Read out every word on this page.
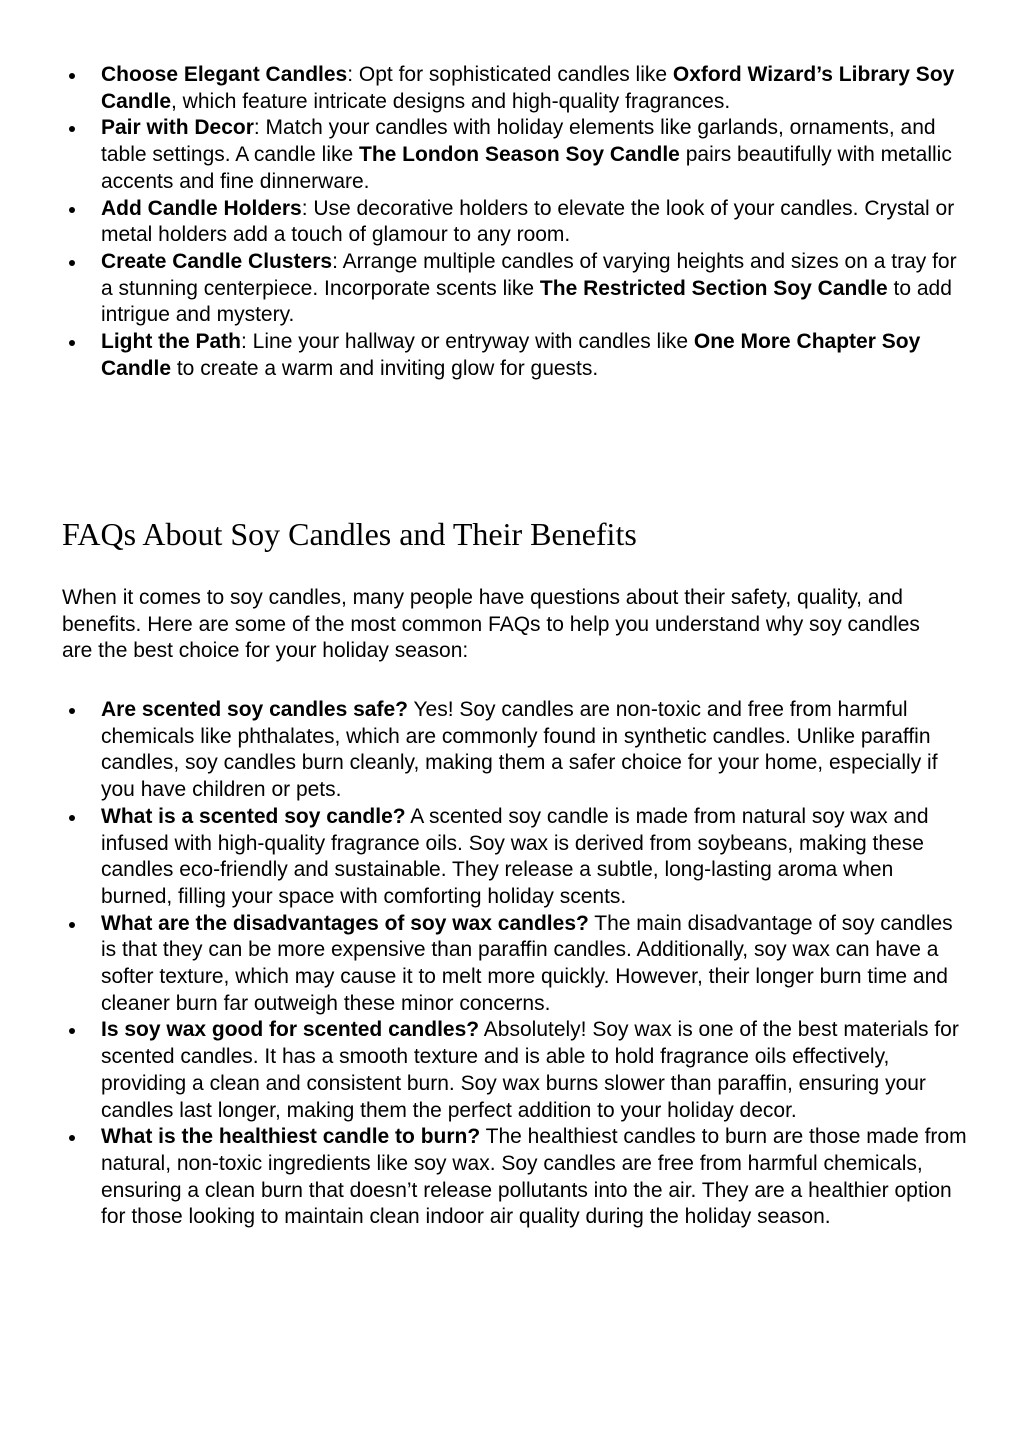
Choose Elegant Candles: Opt for sophisticated candles like Oxford Wizard’s Library Soy Candle, which feature intricate designs and high-quality fragrances.
Pair with Decor: Match your candles with holiday elements like garlands, ornaments, and table settings. A candle like The London Season Soy Candle pairs beautifully with metallic accents and fine dinnerware.
Add Candle Holders: Use decorative holders to elevate the look of your candles. Crystal or metal holders add a touch of glamour to any room.
Create Candle Clusters: Arrange multiple candles of varying heights and sizes on a tray for a stunning centerpiece. Incorporate scents like The Restricted Section Soy Candle to add intrigue and mystery.
Light the Path: Line your hallway or entryway with candles like One More Chapter Soy Candle to create a warm and inviting glow for guests.
FAQs About Soy Candles and Their Benefits

When it comes to soy candles, many people have questions about their safety, quality, and benefits. Here are some of the most common FAQs to help you understand why soy candles are the best choice for your holiday season:

Are scented soy candles safe? Yes! Soy candles are non-toxic and free from harmful chemicals like phthalates, which are commonly found in synthetic candles. Unlike paraffin candles, soy candles burn cleanly, making them a safer choice for your home, especially if you have children or pets.
What is a scented soy candle? A scented soy candle is made from natural soy wax and infused with high-quality fragrance oils. Soy wax is derived from soybeans, making these candles eco-friendly and sustainable. They release a subtle, long-lasting aroma when burned, filling your space with comforting holiday scents.
What are the disadvantages of soy wax candles? The main disadvantage of soy candles is that they can be more expensive than paraffin candles. Additionally, soy wax can have a softer texture, which may cause it to melt more quickly. However, their longer burn time and cleaner burn far outweigh these minor concerns.
Is soy wax good for scented candles? Absolutely! Soy wax is one of the best materials for scented candles. It has a smooth texture and is able to hold fragrance oils effectively, providing a clean and consistent burn. Soy wax burns slower than paraffin, ensuring your candles last longer, making them the perfect addition to your holiday decor.
What is the healthiest candle to burn? The healthiest candles to burn are those made from natural, non-toxic ingredients like soy wax. Soy candles are free from harmful chemicals, ensuring a clean burn that doesn’t release pollutants into the air. They are a healthier option for those looking to maintain clean indoor air quality during the holiday season.
